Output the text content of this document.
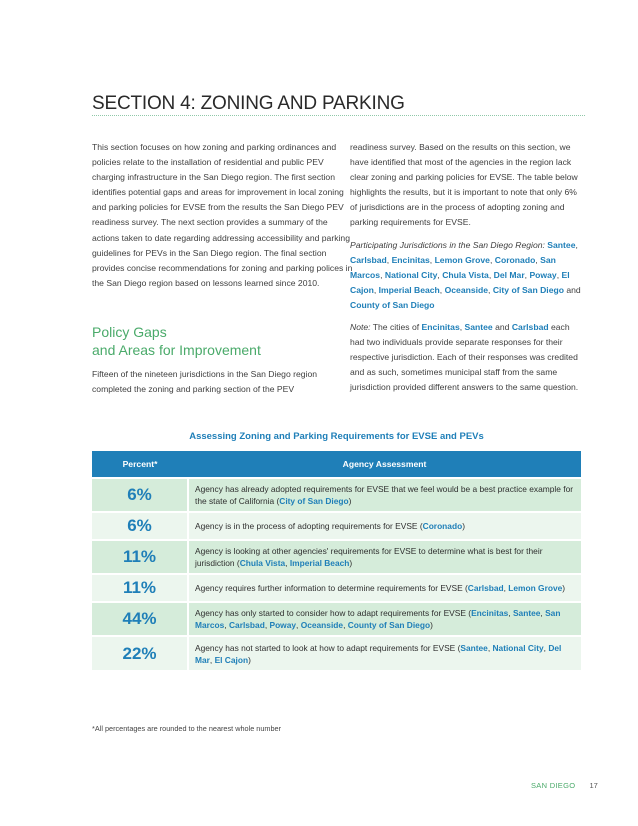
SECTION 4: ZONING AND PARKING

This section focuses on how zoning and parking ordinances and policies relate to the installation of residential and public PEV charging infrastructure in the San Diego region. The first section identifies potential gaps and areas for improvement in local zoning and parking policies for EVSE from the results the San Diego PEV readiness survey. The next section provides a summary of the actions taken to date regarding addressing accessibility and parking guidelines for PEVs in the San Diego region. The final section provides concise recommendations for zoning and parking polices in the San Diego region based on lessons learned since 2010.

Policy Gaps
and Areas for Improvement

Fifteen of the nineteen jurisdictions in the San Diego region completed the zoning and parking section of the PEV

readiness survey. Based on the results on this section, we have identified that most of the agencies in the region lack clear zoning and parking policies for EVSE. The table below highlights the results, but it is important to note that only 6% of jurisdictions are in the process of adopting zoning and parking requirements for EVSE.

Participating Jurisdictions in the San Diego Region: Santee, Carlsbad, Encinitas, Lemon Grove, Coronado, San Marcos, National City, Chula Vista, Del Mar, Poway, El Cajon, Imperial Beach, Oceanside, City of San Diego and County of San Diego

Note: The cities of Encinitas, Santee and Carlsbad each had two individuals provide separate responses for their respective jurisdiction. Each of their responses was credited and as such, sometimes municipal staff from the same jurisdiction provided different answers to the same question.

Assessing Zoning and Parking Requirements for EVSE and PEVs
Percent*	Agency Assessment
6%	Agency has already adopted requirements for EVSE that we feel would be a best practice example for the state of California (City of San Diego)
6%	Agency is in the process of adopting requirements for EVSE (Coronado)
11%	Agency is looking at other agencies' requirements for EVSE to determine what is best for their jurisdiction (Chula Vista, Imperial Beach)
11%	Agency requires further information to determine requirements for EVSE (Carlsbad, Lemon Grove)
44%	Agency has only started to consider how to adapt requirements for EVSE (Encinitas, Santee, San Marcos, Carlsbad, Poway, Oceanside, County of San Diego)
22%	Agency has not started to look at how to adapt requirements for EVSE (Santee, National City, Del Mar, El Cajon)
*All percentages are rounded to the nearest whole number
SAN DIEGO 17
